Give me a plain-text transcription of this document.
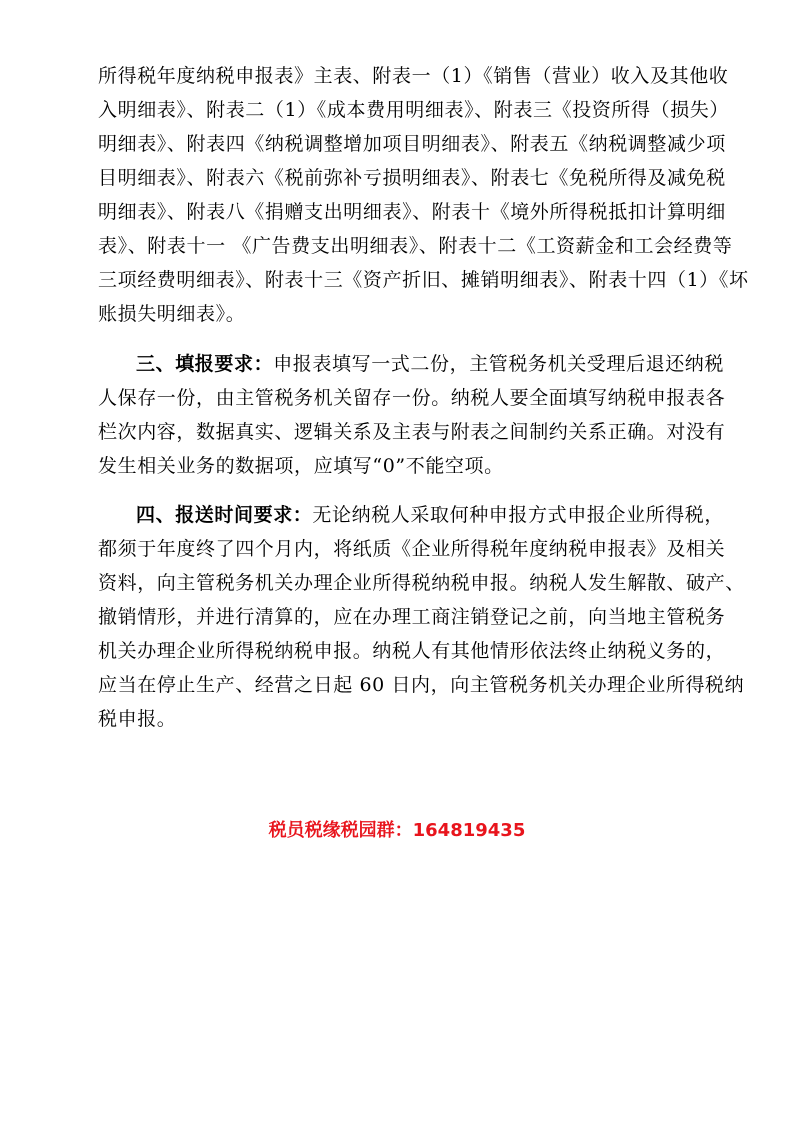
所得税年度纳税申报表》主表、附表一（1）《销售（营业）收入及其他收
入明细表》、附表二（1）《成本费用明细表》、附表三《投资所得（损失）
明细表》、附表四《纳税调整增加项目明细表》、附表五《纳税调整减少项
目明细表》、附表六《税前弥补亏损明细表》、附表七《免税所得及减免税
明细表》、附表八《捐赠支出明细表》、附表十《境外所得税抵扣计算明细
表》、附表十一 《广告费支出明细表》、附表十二《工资薪金和工会经费等
三项经费明细表》、附表十三《资产折旧、摊销明细表》、附表十四（1）《坏
账损失明细表》。
三、填报要求：申报表填写一式二份，主管税务机关受理后退还纳税
人保存一份，由主管税务机关留存一份。纳税人要全面填写纳税申报表各
栏次内容，数据真实、逻辑关系及主表与附表之间制约关系正确。对没有
发生相关业务的数据项，应填写“0”不能空项。
四、报送时间要求：无论纳税人采取何种申报方式申报企业所得税，
都须于年度终了四个月内，将纸质《企业所得税年度纳税申报表》及相关
资料，向主管税务机关办理企业所得税纳税申报。纳税人发生解散、破产、
撤销情形，并进行清算的，应在办理工商注销登记之前，向当地主管税务
机关办理企业所得税纳税申报。纳税人有其他情形依法终止纳税义务的，
应当在停止生产、经营之日起 60 日内，向主管税务机关办理企业所得税纳
税申报。
税员税缘税园群：164819435
